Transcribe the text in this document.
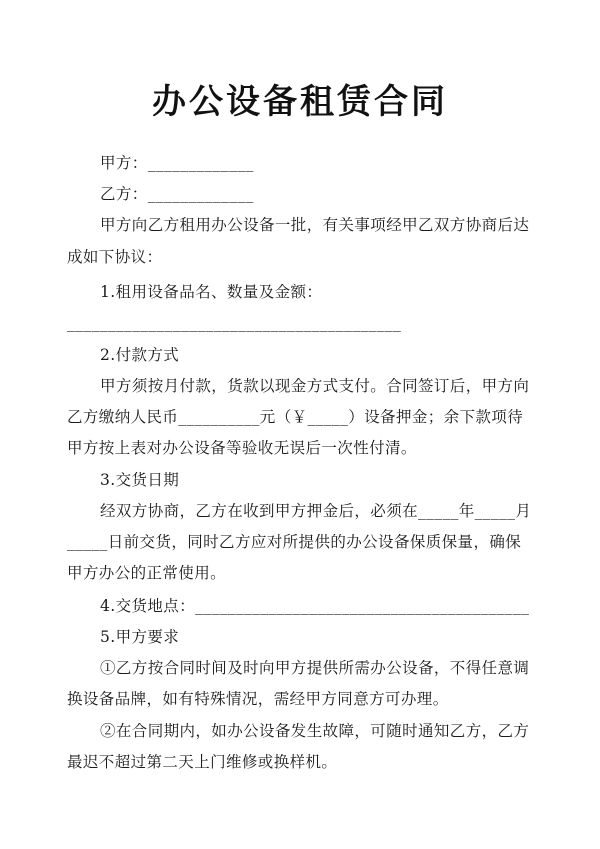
办公设备租赁合同
甲方：_____________
乙方：_____________
甲方向乙方租用办公设备一批，有关事项经甲乙双方协商后达
成如下协议：
1.租用设备品名、数量及金额：
_________________________________________
2.付款方式
甲方须按月付款，货款以现金方式支付。合同签订后，甲方向
乙方缴纳人民币__________元（￥_____）设备押金；余下款项待
甲方按上表对办公设备等验收无误后一次性付清。
3.交货日期
经双方协商，乙方在收到甲方押金后，必须在_____年_____月
_____日前交货，同时乙方应对所提供的办公设备保质保量，确保
甲方办公的正常使用。
4.交货地点：_________________________________________
5.甲方要求
①乙方按合同时间及时向甲方提供所需办公设备，不得任意调
换设备品牌，如有特殊情况，需经甲方同意方可办理。
②在合同期内，如办公设备发生故障，可随时通知乙方，乙方
最迟不超过第二天上门维修或换样机。
